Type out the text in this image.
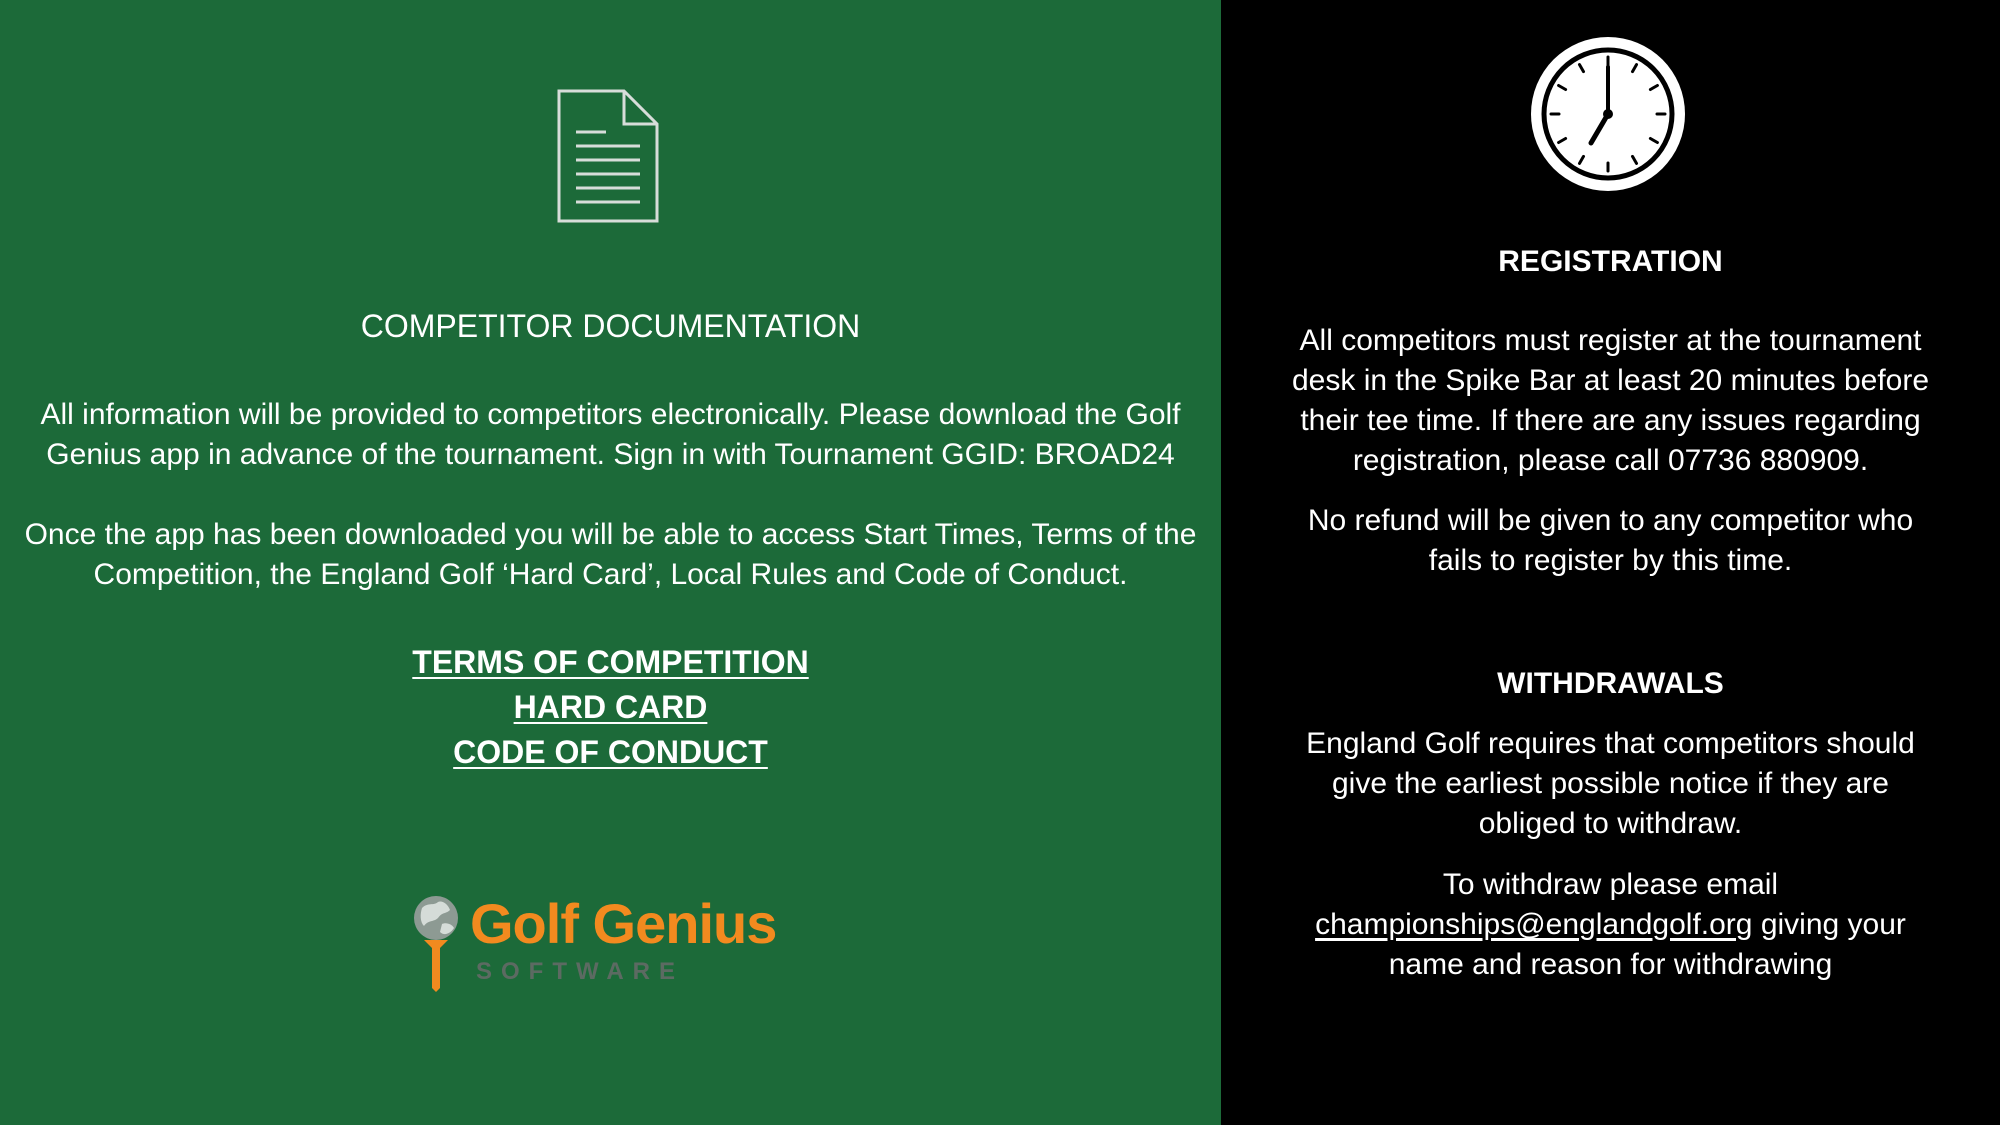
COMPETITOR DOCUMENTATION

All information will be provided to competitors electronically. Please download the Golf
Genius app in advance of the tournament. Sign in with Tournament GGID: BROAD24

Once the app has been downloaded you will be able to access Start Times, Terms of the
Competition, the England Golf ‘Hard Card’, Local Rules and Code of Conduct.

TERMS OF COMPETITION
HARD CARD
CODE OF CONDUCT
Golf Genius
SOFTWARE
REGISTRATION

All competitors must register at the tournament
desk in the Spike Bar at least 20 minutes before
their tee time. If there are any issues regarding
registration, please call 07736 880909.

No refund will be given to any competitor who
fails to register by this time.

WITHDRAWALS

England Golf requires that competitors should
give the earliest possible notice if they are
obliged to withdraw.

To withdraw please email
championships@englandgolf.org giving your
name and reason for withdrawing
